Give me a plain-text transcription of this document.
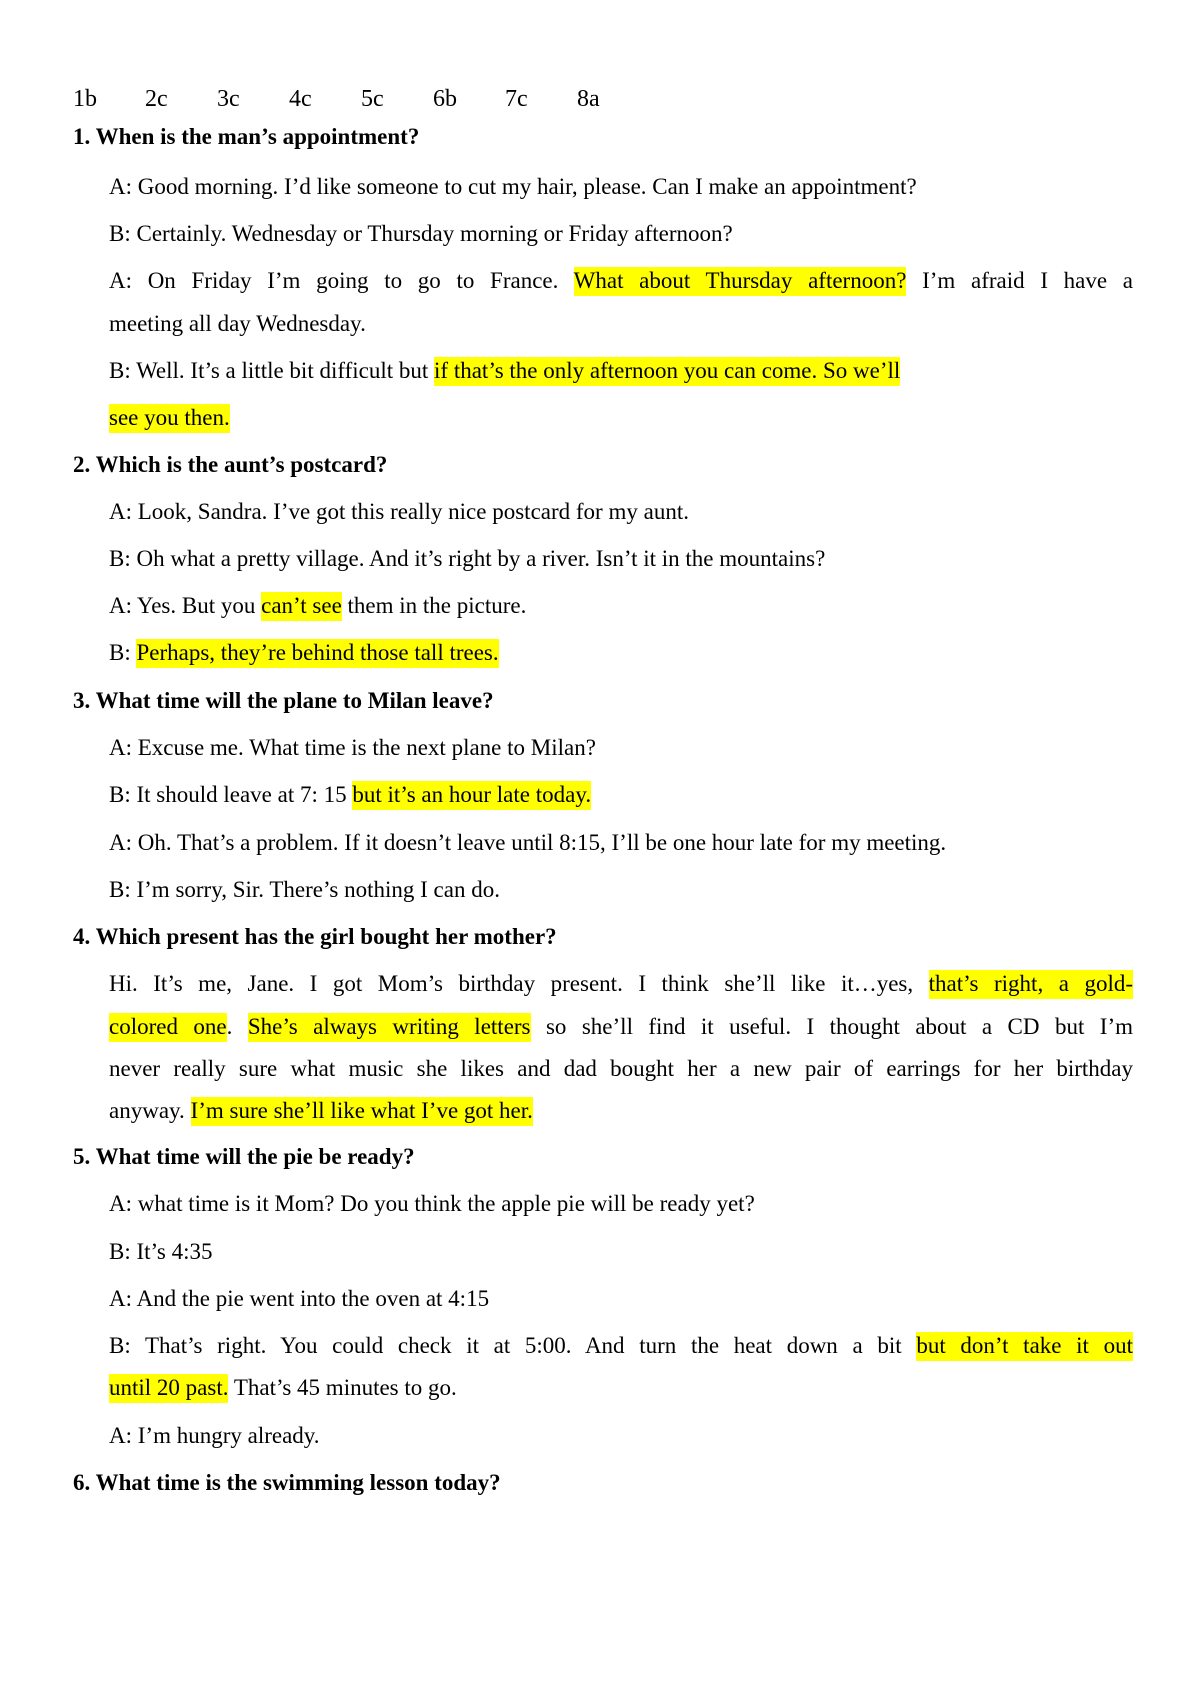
1b	2c	3c	4c	5c	6b	7c	8a
1. When is the man’s appointment?
A: Good morning. I’d like someone to cut my hair, please. Can I make an appointment?
B: Certainly. Wednesday or Thursday morning or Friday afternoon?
A: On Friday I’m going to go to France. What about Thursday afternoon? I’m afraid I have a
meeting all day Wednesday.
B: Well. It’s a little bit difficult but if that’s the only afternoon you can come. So we’ll
see you then.
2. Which is the aunt’s postcard?
A: Look, Sandra. I’ve got this really nice postcard for my aunt.
B: Oh what a pretty village. And it’s right by a river. Isn’t it in the mountains?
A: Yes. But you can’t see them in the picture.
B: Perhaps, they’re behind those tall trees.
3. What time will the plane to Milan leave?
A: Excuse me. What time is the next plane to Milan?
B: It should leave at 7: 15 but it’s an hour late today.
A: Oh. That’s a problem. If it doesn’t leave until 8:15, I’ll be one hour late for my meeting.
B: I’m sorry, Sir. There’s nothing I can do.
4. Which present has the girl bought her mother?
Hi. It’s me, Jane. I got Mom’s birthday present. I think she’ll like it…yes, that’s right, a gold-
colored one. She’s always writing letters so she’ll find it useful. I thought about a CD but I’m
never really sure what music she likes and dad bought her a new pair of earrings for her birthday
anyway. I’m sure she’ll like what I’ve got her.
5. What time will the pie be ready?
A: what time is it Mom? Do you think the apple pie will be ready yet?
B: It’s 4:35
A: And the pie went into the oven at 4:15
B: That’s right. You could check it at 5:00. And turn the heat down a bit but don’t take it out
until 20 past. That’s 45 minutes to go.
A: I’m hungry already.
6. What time is the swimming lesson today?
